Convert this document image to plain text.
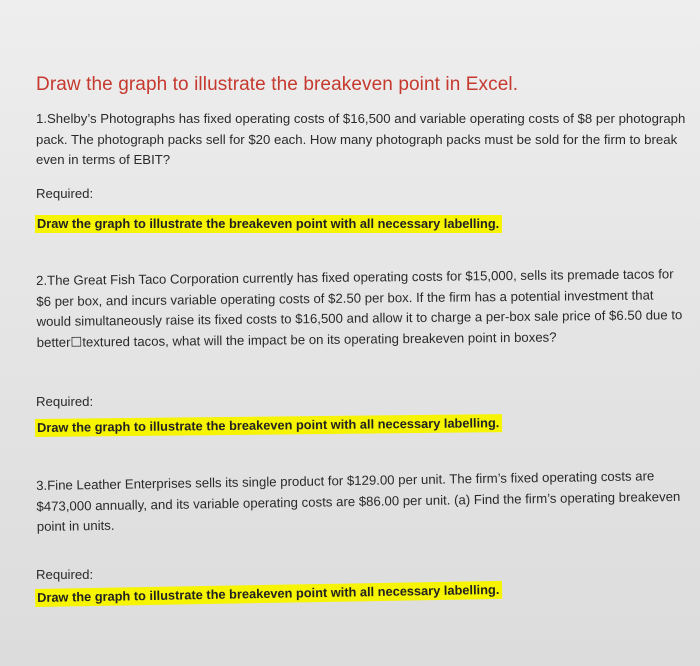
Draw the graph to illustrate the breakeven point in Excel.

1.Shelby’s Photographs has fixed operating costs of $16,500 and variable operating costs of $8 per photograph pack. The photograph packs sell for $20 each. How many photograph packs must be sold for the firm to break even in terms of EBIT?

Required:

Draw the graph to illustrate the breakeven point with all necessary labelling.

2.The Great Fish Taco Corporation currently has fixed operating costs for $15,000, sells its premade tacos for $6 per box, and incurs variable operating costs of $2.50 per box. If the firm has a potential investment that would simultaneously raise its fixed costs to $16,500 and allow it to charge a per-box sale price of $6.50 due to better☐textured tacos, what will the impact be on its operating breakeven point in boxes?

Required:

Draw the graph to illustrate the breakeven point with all necessary labelling.

3.Fine Leather Enterprises sells its single product for $129.00 per unit. The firm’s fixed operating costs are $473,000 annually, and its variable operating costs are $86.00 per unit. (a) Find the firm’s operating breakeven point in units.

Required:

Draw the graph to illustrate the breakeven point with all necessary labelling.
